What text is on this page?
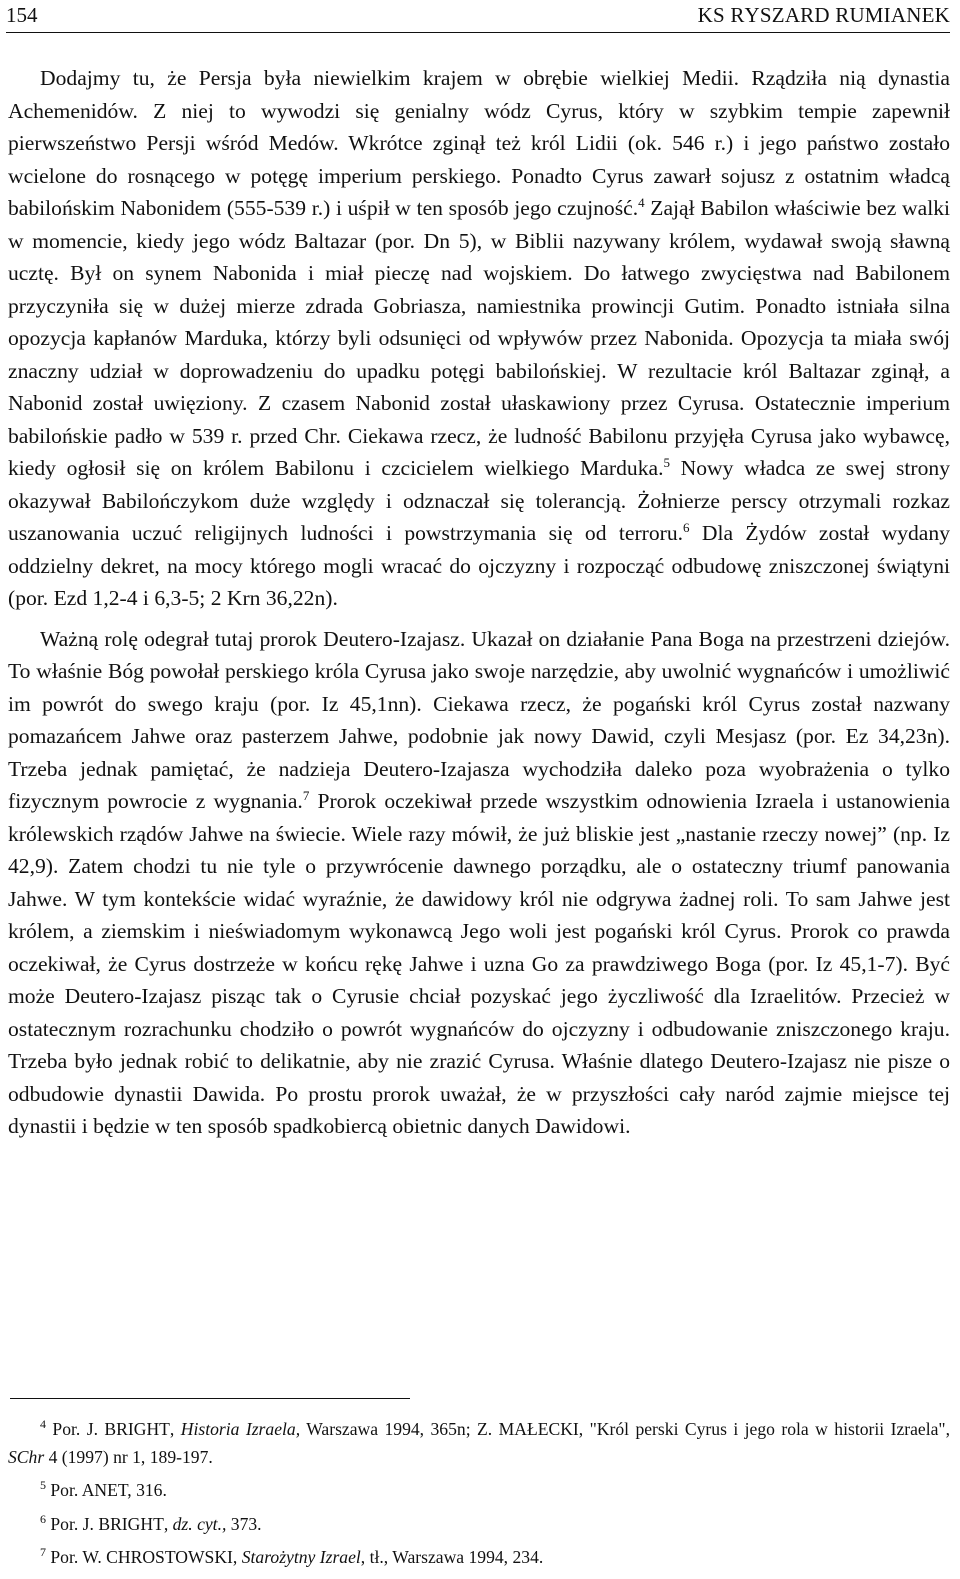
154	KS RYSZARD RUMIANEK

Dodajmy tu, że Persja była niewielkim krajem w obrębie wielkiej Medii. Rządziła nią dynastia Achemenidów. Z niej to wywodzi się genialny wódz Cyrus, który w szybkim tempie zapewnił pierwszeństwo Persji wśród Medów. Wkrótce zginął też król Lidii (ok. 546 r.) i jego państwo zostało wcielone do rosnącego w potęgę imperium perskiego. Ponadto Cyrus zawarł sojusz z ostatnim władcą babilońskim Nabonidem (555-539 r.) i uśpił w ten sposób jego czujność.$^4$ Zajął Babilon właściwie bez walki w momencie, kiedy jego wódz Baltazar (por. Dn 5), w Biblii nazywany królem, wydawał swoją sławną ucztę. Był on synem Nabonida i miał pieczę nad wojskiem. Do łatwego zwycięstwa nad Babilonem przyczyniła się w dużej mierze zdrada Gobriasza, namiestnika prowincji Gutim. Ponadto istniała silna opozycja kapłanów Marduka, którzy byli odsunięci od wpływów przez Nabonida. Opozycja ta miała swój znaczny udział w doprowadzeniu do upadku potęgi babilońskiej. W rezultacie król Baltazar zginął, a Nabonid został uwięziony. Z czasem Nabonid został ułaskawiony przez Cyrusa. Ostatecznie imperium babilońskie padło w 539 r. przed Chr. Ciekawa rzecz, że ludność Babilonu przyjęła Cyrusa jako wybawcę, kiedy ogłosił się on królem Babilonu i czcicielem wielkiego Marduka.$^5$ Nowy władca ze swej strony okazywał Babilończykom duże względy i odznaczał się tolerancją. Żołnierze perscy otrzymali rozkaz uszanowania uczuć religijnych ludności i powstrzymania się od terroru.$^6$ Dla Żydów został wydany oddzielny dekret, na mocy którego mogli wracać do ojczyzny i rozpocząć odbudowę zniszczonej świątyni (por. Ezd 1,2-4 i 6,3-5; 2 Krn 36,22n).

Ważną rolę odegrał tutaj prorok Deutero-Izajasz. Ukazał on działanie Pana Boga na przestrzeni dziejów. To właśnie Bóg powołał perskiego króla Cyrusa jako swoje narzędzie, aby uwolnić wygnańców i umożliwić im powrót do swego kraju (por. Iz 45,1nn). Ciekawa rzecz, że pogański król Cyrus został nazwany pomazańcem Jahwe oraz pasterzem Jahwe, podobnie jak nowy Dawid, czyli Mesjasz (por. Ez 34,23n). Trzeba jednak pamiętać, że nadzieja Deutero-Izajasza wychodziła daleko poza wyobrażenia o tylko fizycznym powrocie z wygnania.$^7$ Prorok oczekiwał przede wszystkim odnowienia Izraela i ustanowienia królewskich rządów Jahwe na świecie. Wiele razy mówił, że już bliskie jest „nastanie rzeczy nowej” (np. Iz 42,9). Zatem chodzi tu nie tyle o przywrócenie dawnego porządku, ale o ostateczny triumf panowania Jahwe. W tym kontekście widać wyraźnie, że dawidowy król nie odgrywa żadnej roli. To sam Jahwe jest królem, a ziemskim i nieświadomym wykonawcą Jego woli jest pogański król Cyrus. Prorok co prawda oczekiwał, że Cyrus dostrzeże w końcu rękę Jahwe i uzna Go za prawdziwego Boga (por. Iz 45,1-7). Być może Deutero-Izajasz pisząc tak o Cyrusie chciał pozyskać jego życzliwość dla Izraelitów. Przecież w ostatecznym rozrachunku chodziło o powrót wygnańców do ojczyzny i odbudowanie zniszczonego kraju. Trzeba było jednak robić to delikatnie, aby nie zrazić Cyrusa. Właśnie dlatego Deutero-Izajasz nie pisze o odbudowie dynastii Dawida. Po prostu prorok uważał, że w przyszłości cały naród zajmie miejsce tej dynastii i będzie w ten sposób spadkobiercą obietnic danych Dawidowi.

$^4$ Por. J. BRIGHT, Historia Izraela, Warszawa 1994, 365n; Z. MAŁECKI, "Król perski Cyrus i jego rola w historii Izraela", SChr 4 (1997) nr 1, 189-197.

$^5$ Por. ANET, 316.

$^6$ Por. J. BRIGHT, dz. cyt., 373.

$^7$ Por. W. CHROSTOWSKI, Starożytny Izrael, tł., Warszawa 1994, 234.
